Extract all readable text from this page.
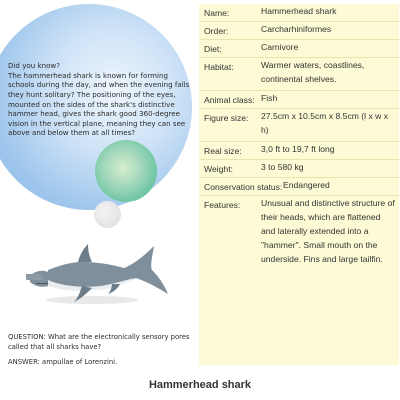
Did you know?

The hammerhead shark is known for forming schools during the day, and when the evening falls they hunt solitary? The positioning of the eyes, mounted on the sides of the shark's distinctive hammer head, gives the shark good 360-degree vision in the vertical plane, meaning they can see above and below them at all times?

QUESTION: What are the electronically sensory pores called that all sharks have?
ANSWER: ampullae of Lorenzini.
Hammerhead shark
Name:	Hammerhead shark
Order:	Carcharhiniformes
Diet:	Carnivore
Habitat:	Warmer waters, coastlines, continental shelves.
Animal class: Fish
Figure size: 27.5cm x 10.5cm x 8.5cm (l x w x h)
Real size: 3,0 ft to 19,7 ft long
Weight:	3 to 580 kg
Conservation status: Endangered
Features: Unusual and distinctive structure of their heads, which are flattened and laterally extended into a "hammer". Small mouth on the underside. Fins and large tailfin.
